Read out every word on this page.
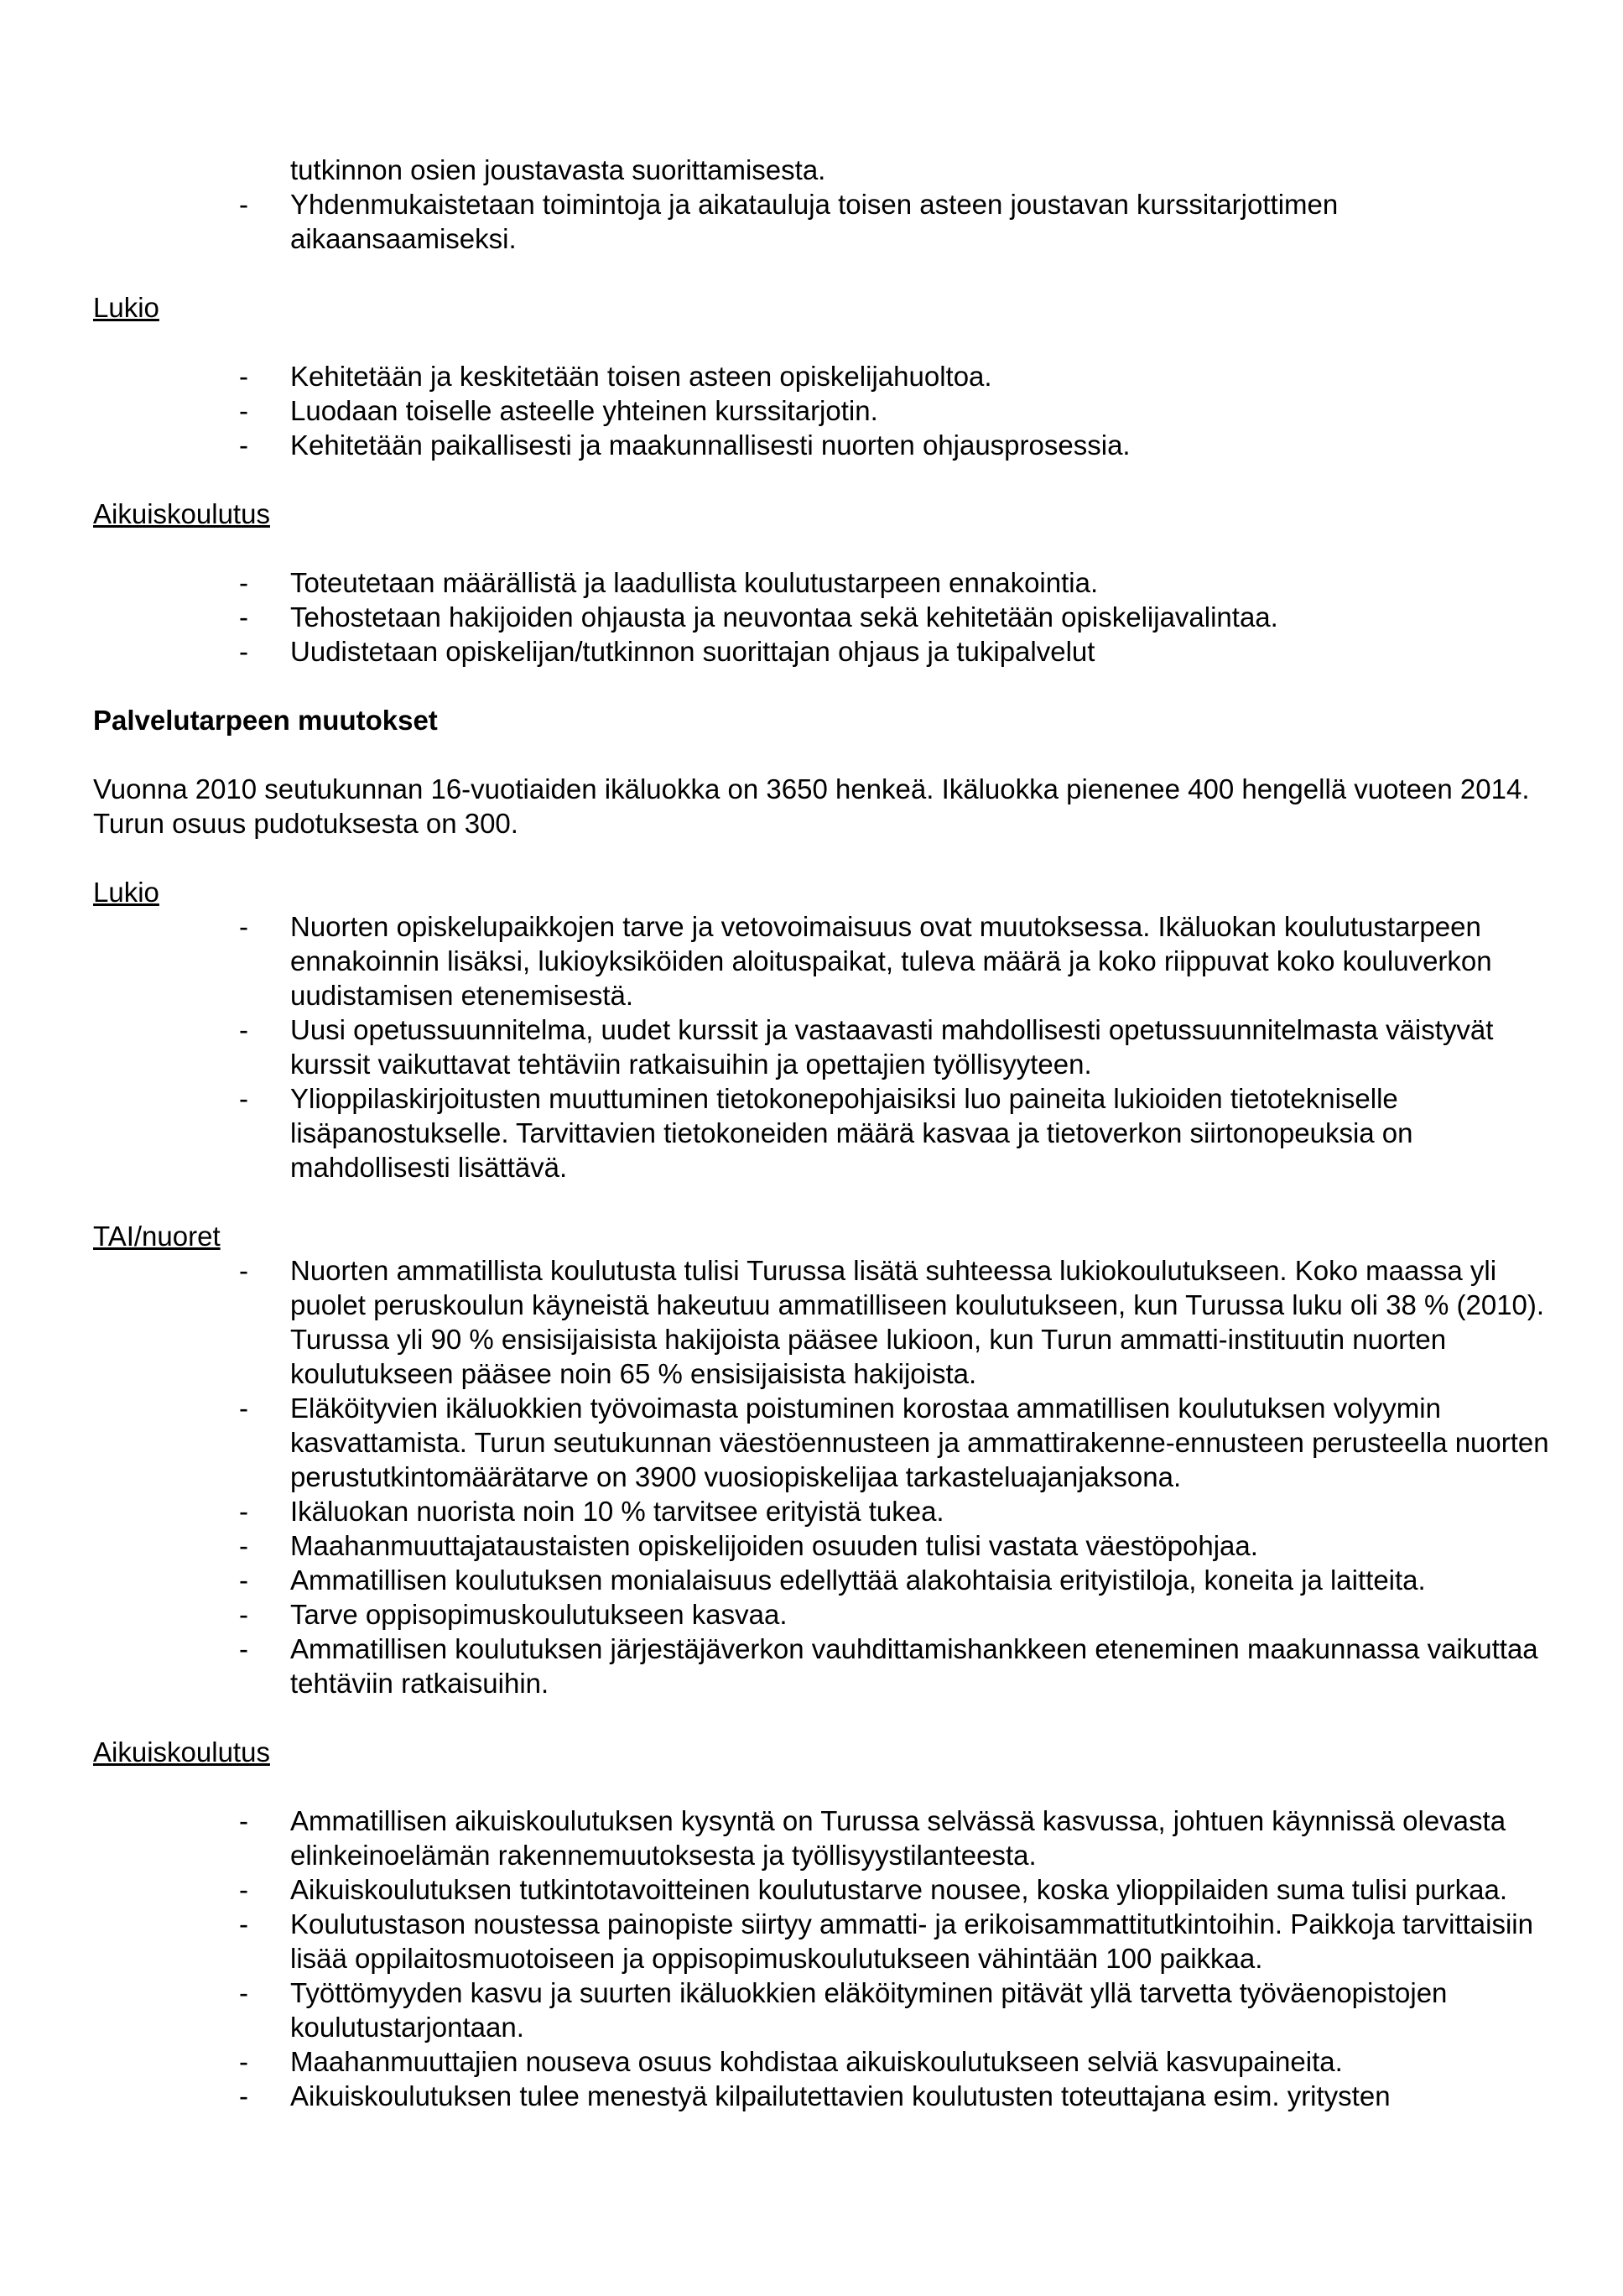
tutkinnon osien joustavasta suorittamisesta.
- Yhdenmukaistetaan toimintoja ja aikatauluja toisen asteen joustavan kurssitarjottimen aikaansaamiseksi.
Lukio
- Kehitetään ja keskitetään toisen asteen opiskelijahuoltoa.
- Luodaan toiselle asteelle yhteinen kurssitarjotin.
- Kehitetään paikallisesti ja maakunnallisesti nuorten ohjausprosessia.
Aikuiskoulutus
- Toteutetaan määrällistä ja laadullista koulutustarpeen ennakointia.
- Tehostetaan hakijoiden ohjausta ja neuvontaa sekä kehitetään opiskelijavalintaa.
- Uudistetaan opiskelijan/tutkinnon suorittajan ohjaus ja tukipalvelut
Palvelutarpeen muutokset
Vuonna 2010 seutukunnan 16-vuotiaiden ikäluokka on 3650 henkeä. Ikäluokka pienenee 400 hengellä vuoteen 2014. Turun osuus pudotuksesta on 300.
Lukio
- Nuorten opiskelupaikkojen tarve ja vetovoimaisuus ovat muutoksessa. Ikäluokan koulutustarpeen ennakoinnin lisäksi, lukioyksiköiden aloituspaikat, tuleva määrä ja koko riippuvat koko kouluverkon uudistamisen etenemisestä.
- Uusi opetussuunnitelma, uudet kurssit ja vastaavasti mahdollisesti opetussuunnitelmasta väistyvät kurssit vaikuttavat tehtäviin ratkaisuihin ja opettajien työllisyyteen.
- Ylioppilaskirjoitusten muuttuminen tietokonepohjaisiksi luo paineita lukioiden tietotekniselle lisäpanostukselle. Tarvittavien tietokoneiden määrä kasvaa ja tietoverkon siirtonopeuksia on mahdollisesti lisättävä.
TAI/nuoret
- Nuorten ammatillista koulutusta tulisi Turussa lisätä suhteessa lukiokoulutukseen. Koko maassa yli puolet peruskoulun käyneistä hakeutuu ammatilliseen koulutukseen, kun Turussa luku oli 38 % (2010). Turussa yli 90 % ensisijaisista hakijoista pääsee lukioon, kun Turun ammatti-instituutin nuorten koulutukseen pääsee noin 65 % ensisijaisista hakijoista.
- Eläköityvien ikäluokkien työvoimasta poistuminen korostaa ammatillisen koulutuksen volyymin kasvattamista. Turun seutukunnan väestöennusteen ja ammattirakenne-ennusteen perusteella nuorten perustutkintomäärätarve on 3900 vuosiopiskelijaa tarkasteluajanjaksona.
- Ikäluokan nuorista noin 10 % tarvitsee erityistä tukea.
- Maahanmuuttajataustaisten opiskelijoiden osuuden tulisi vastata väestöpohjaa.
- Ammatillisen koulutuksen monialaisuus edellyttää alakohtaisia erityistiloja, koneita ja laitteita.
- Tarve oppisopimuskoulutukseen kasvaa.
- Ammatillisen koulutuksen järjestäjäverkon vauhdittamishankkeen eteneminen maakunnassa vaikuttaa tehtäviin ratkaisuihin.
Aikuiskoulutus
- Ammatillisen aikuiskoulutuksen kysyntä on Turussa selvässä kasvussa, johtuen käynnissä olevasta elinkeinoelämän rakennemuutoksesta ja työllisyystilanteesta.
- Aikuiskoulutuksen tutkintotavoitteinen koulutustarve nousee, koska ylioppilaiden suma tulisi purkaa.
- Koulutustason noustessa painopiste siirtyy ammatti- ja erikoisammattitutkintoihin. Paikkoja tarvittaisiin lisää oppilaitosmuotoiseen ja oppisopimuskoulutukseen vähintään 100 paikkaa.
- Työttömyyden kasvu ja suurten ikäluokkien eläköityminen pitävät yllä tarvetta työväenopistojen koulutustarjontaan.
- Maahanmuuttajien nouseva osuus kohdistaa aikuiskoulutukseen selviä kasvupaineita.
- Aikuiskoulutuksen tulee menestyä kilpailutettavien koulutusten toteuttajana esim. yritysten
